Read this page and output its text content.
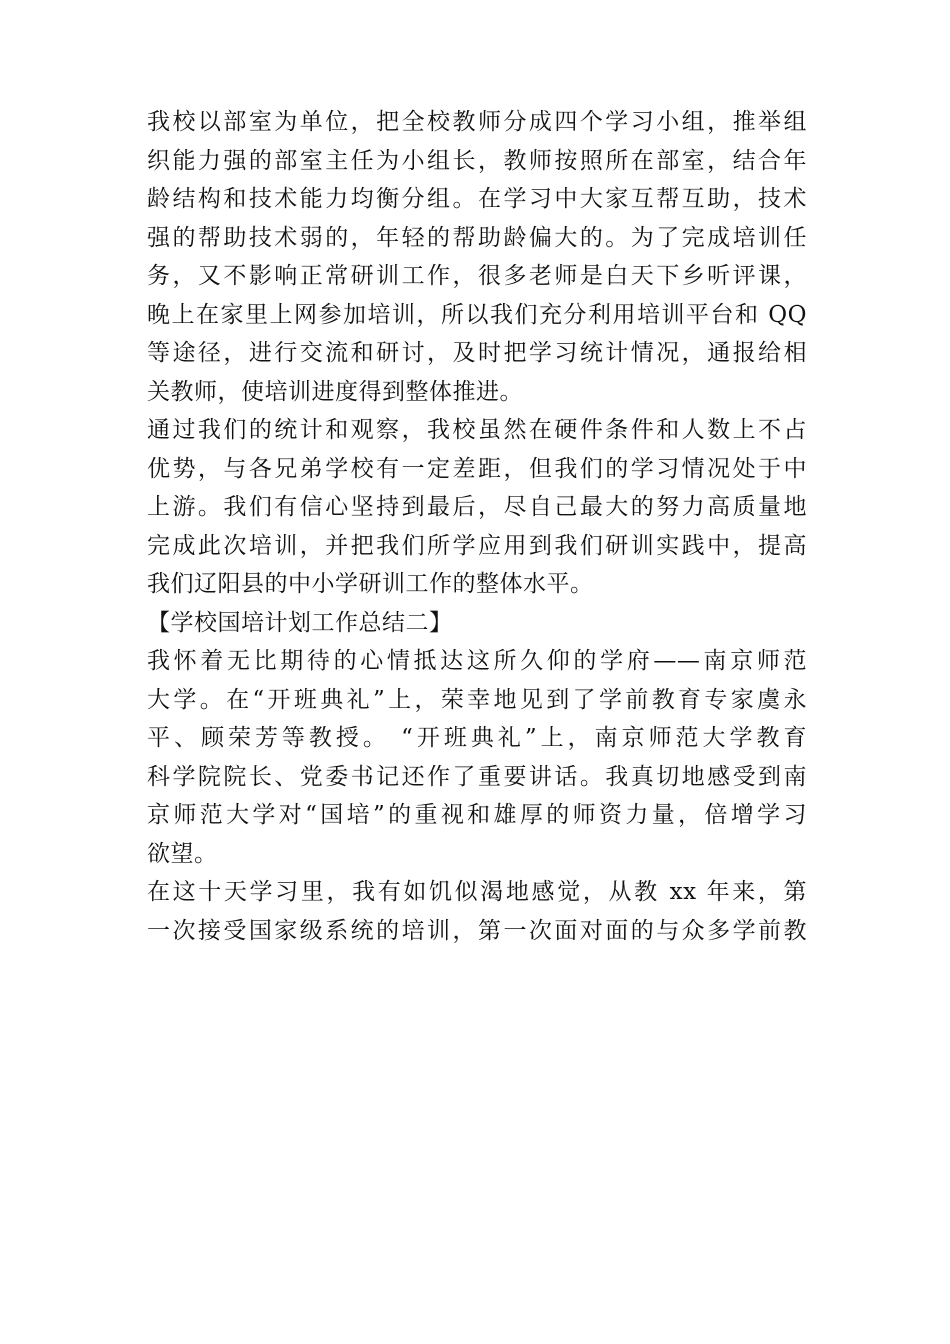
我校以部室为单位，把全校教师分成四个学习小组，推举组
织能力强的部室主任为小组长，教师按照所在部室，结合年
龄结构和技术能力均衡分组。在学习中大家互帮互助，技术
强的帮助技术弱的，年轻的帮助龄偏大的。为了完成培训任
务，又不影响正常研训工作，很多老师是白天下乡听评课，
晚上在家里上网参加培训，所以我们充分利用培训平台和 QQ
等途径，进行交流和研讨，及时把学习统计情况，通报给相
关教师，使培训进度得到整体推进。
通过我们的统计和观察，我校虽然在硬件条件和人数上不占
优势，与各兄弟学校有一定差距，但我们的学习情况处于中
上游。我们有信心坚持到最后，尽自己最大的努力高质量地
完成此次培训，并把我们所学应用到我们研训实践中，提高
我们辽阳县的中小学研训工作的整体水平。
【学校国培计划工作总结二】
我怀着无比期待的心情抵达这所久仰的学府——南京师范
大学。在“开班典礼”上，荣幸地见到了学前教育专家虞永
平、顾荣芳等教授。 “开班典礼”上，南京师范大学教育
科学院院长、党委书记还作了重要讲话。我真切地感受到南
京师范大学对“国培”的重视和雄厚的师资力量，倍增学习
欲望。
在这十天学习里，我有如饥似渴地感觉，从教 xx 年来，第
一次接受国家级系统的培训，第一次面对面的与众多学前教
